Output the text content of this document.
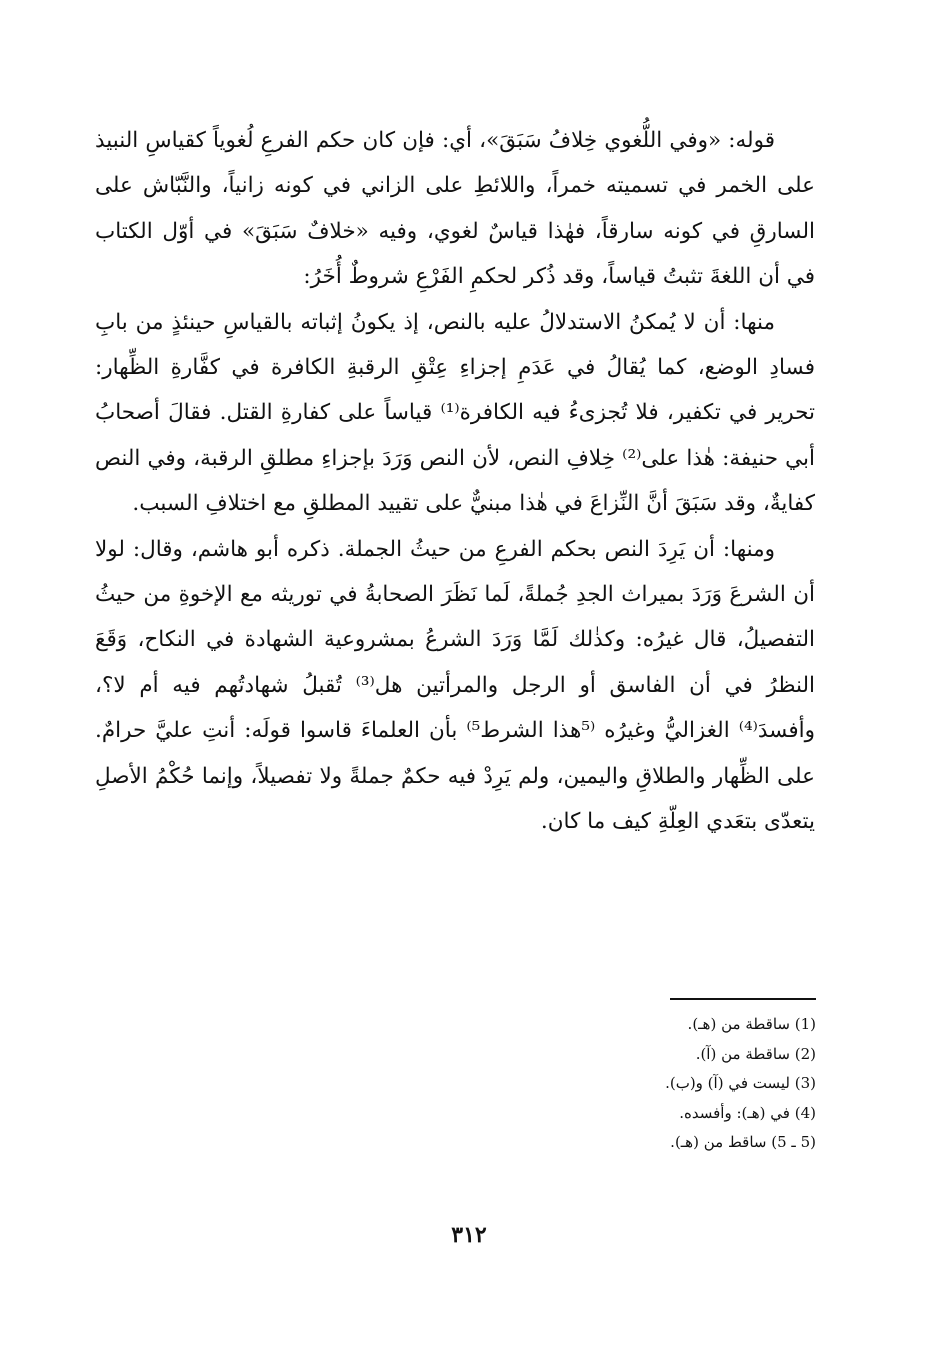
قوله: «وفي اللُّغوي خِلافُ سَبَقَ»، أي: فإن كان حكم الفرعِ لُغوياً كقياسِ النبيذ على الخمر في تسميته خمراً، واللائطِ على الزاني في كونه زانياً، والنَّبّاش على السارقِ في كونه سارقاً، فهٰذا قياسٌ لغوي، وفيه «خلافٌ سَبَقَ» في أوّل الكتاب في أن اللغةَ تثبتُ قياساً، وقد ذُكر لحكمِ الفَرْعِ شروطٌ أُخَرُ:

منها: أن لا يُمكنُ الاستدلالُ عليه بالنص، إذ يكونُ إثباته بالقياسِ حينئذٍ من بابِ فسادِ الوضع، كما يُقالُ في عَدَمِ إجزاءِ عِتْقِ الرقبةِ الكافرة في كفَّارةِ الظِّهار: تحرير في تكفير، فلا تُجزىءُ فيه الكافرة⁽¹⁾ قياساً على كفارةِ القتل. فقالَ أصحابُ أبي حنيفة: هٰذا على⁽²⁾ خِلافِ النص، لأن النص وَرَدَ بإجزاءِ مطلقِ الرقبة، وفي النص كفايةٌ، وقد سَبَقَ أنَّ النِّزاعَ في هٰذا مبنيٌّ على تقييد المطلقِ مع اختلافِ السبب.

ومنها: أن يَرِدَ النص بحكم الفرعِ من حيثُ الجملة. ذكره أبو هاشم، وقال: لولا أن الشرعَ وَرَدَ بميراث الجدِ جُملةً، لَما نَظَرَ الصحابةُ في توريثه مع الإخوةِ من حيثُ التفصيلُ، قال غيرُه: وكذٰلك لَمَّا وَرَدَ الشرعُ بمشروعية الشهادة في النكاح، وَقَعَ النظرُ في أن الفاسق أو الرجل والمرأتين هل⁽³⁾ تُقبلُ شهادتُهم فيه أم لا؟، وأفسدَ⁽⁴⁾ الغزاليُّ وغيرُه ⁽⁵هذا الشرط⁵⁾ بأن العلماءَ قاسوا قولَه: أنتِ عليَّ حرامٌ. على الظِّهار والطلاقِ واليمين، ولم يَرِدْ فيه حكمٌ جملةً ولا تفصيلاً، وإنما حُكْمُ الأصلِ يتعدّى بتعَدي العِلّةِ كيف ما كان.

(1) ساقطة من (هـ).
(2) ساقطة من (آ).
(3) ليست في (آ) و(ب).
(4) في (هـ): وأفسده.
(5 ـ 5) ساقط من (هـ).
٣١٢
